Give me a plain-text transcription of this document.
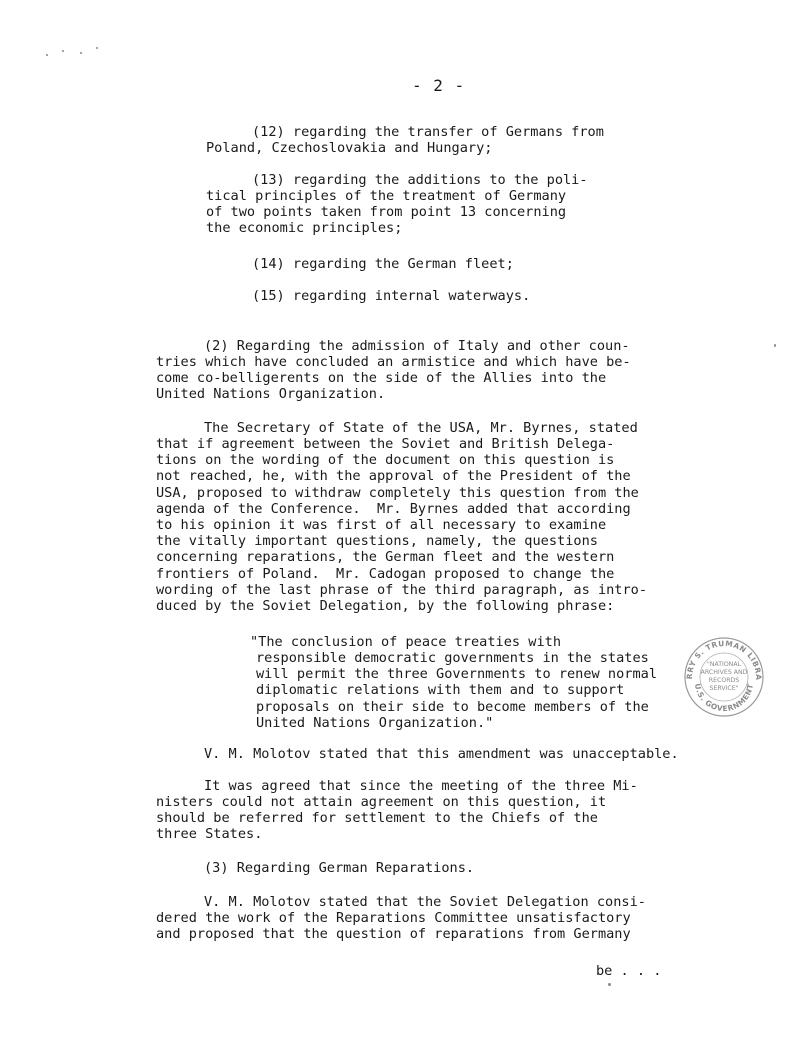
- 2 -
(12) regarding the transfer of Germans from
Poland, Czechoslovakia and Hungary;
(13) regarding the additions to the poli-
tical principles of the treatment of Germany
of two points taken from point 13 concerning
the economic principles;
(14) regarding the German fleet;
(15) regarding internal waterways.
(2) Regarding the admission of Italy and other coun-
tries which have concluded an armistice and which have be-
come co-belligerents on the side of the Allies into the
United Nations Organization.
The Secretary of State of the USA, Mr. Byrnes, stated
that if agreement between the Soviet and British Delega-
tions on the wording of the document on this question is
not reached, he, with the approval of the President of the
USA, proposed to withdraw completely this question from the
agenda of the Conference.  Mr. Byrnes added that according
to his opinion it was first of all necessary to examine
the vitally important questions, namely, the questions
concerning reparations, the German fleet and the western
frontiers of Poland.  Mr. Cadogan proposed to change the
wording of the last phrase of the third paragraph, as intro-
duced by the Soviet Delegation, by the following phrase:
"The conclusion of peace treaties with
responsible democratic governments in the states
will permit the three Governments to renew normal
diplomatic relations with them and to support
proposals on their side to become members of the
United Nations Organization."
V. M. Molotov stated that this amendment was unacceptable.
It was agreed that since the meeting of the three Mi-
nisters could not attain agreement on this question, it
should be referred for settlement to the Chiefs of the
three States.
(3) Regarding German Reparations.
V. M. Molotov stated that the Soviet Delegation consi-
dered the work of the Reparations Committee unsatisfactory
and proposed that the question of reparations from Germany
be . . .
RRY S. TRUMAN LIBRA
U.S. GOVERNMENT
"NATIONAL
ARCHIVES AND
RECORDS
SERVICE"
